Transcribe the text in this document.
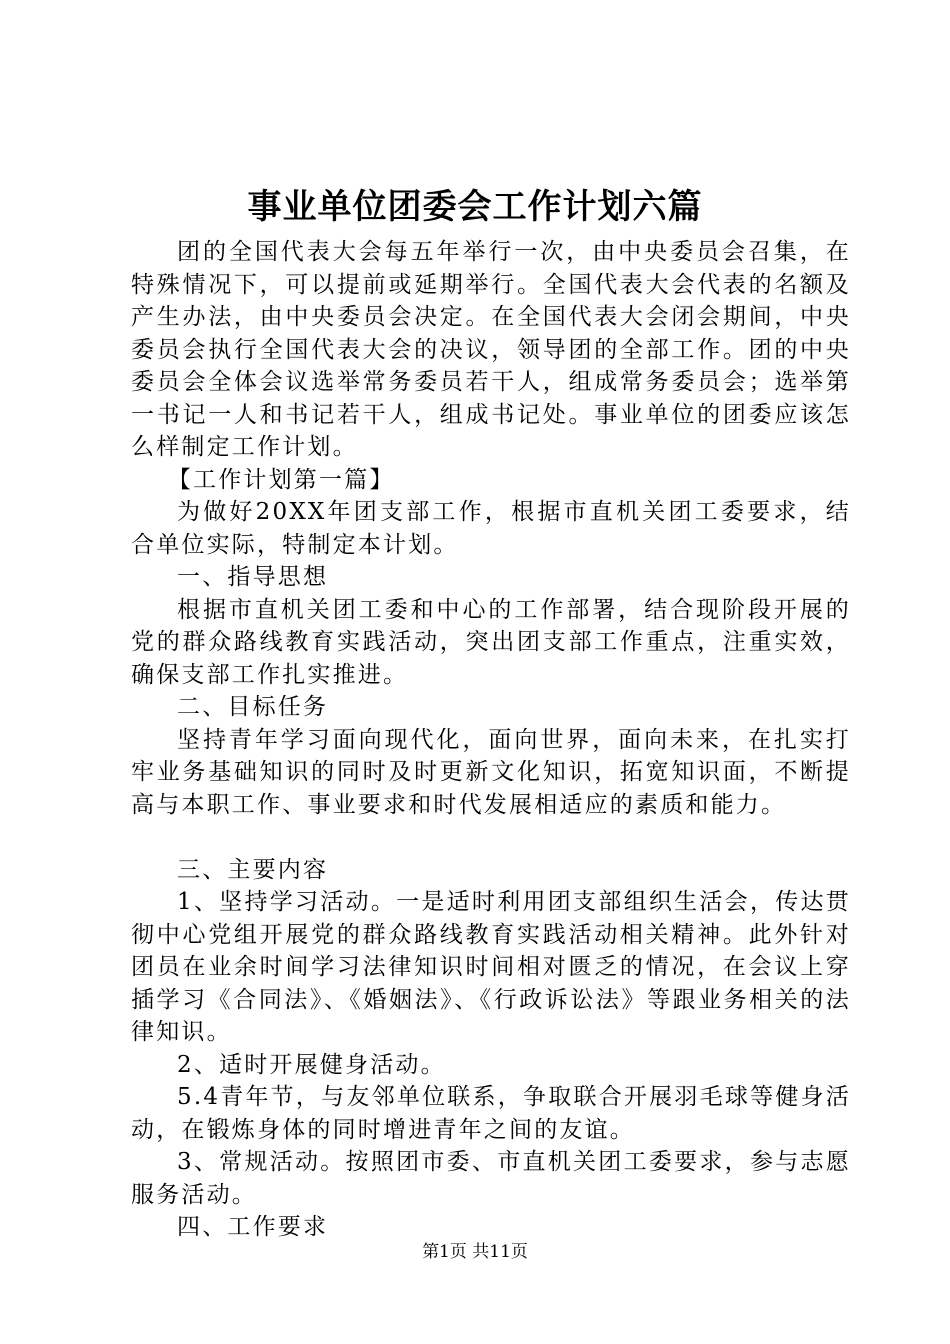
事业单位团委会工作计划六篇

团的全国代表大会每五年举行一次，由中央委员会召集，在特殊情况下，可以提前或延期举行。全国代表大会代表的名额及产生办法，由中央委员会决定。在全国代表大会闭会期间，中央委员会执行全国代表大会的决议，领导团的全部工作。团的中央委员会全体会议选举常务委员若干人，组成常务委员会；选举第一书记一人和书记若干人，组成书记处。事业单位的团委应该怎么样制定工作计划。

【工作计划第一篇】

为做好20XX年团支部工作，根据市直机关团工委要求，结合单位实际，特制定本计划。

一、指导思想

根据市直机关团工委和中心的工作部署，结合现阶段开展的党的群众路线教育实践活动，突出团支部工作重点，注重实效，确保支部工作扎实推进。

二、目标任务

坚持青年学习面向现代化，面向世界，面向未来，在扎实打牢业务基础知识的同时及时更新文化知识，拓宽知识面，不断提高与本职工作、事业要求和时代发展相适应的素质和能力。

三、主要内容

1、坚持学习活动。一是适时利用团支部组织生活会，传达贯彻中心党组开展党的群众路线教育实践活动相关精神。此外针对团员在业余时间学习法律知识时间相对匮乏的情况，在会议上穿插学习《合同法》、《婚姻法》、《行政诉讼法》等跟业务相关的法律知识。

2、适时开展健身活动。

5.4青年节，与友邻单位联系，争取联合开展羽毛球等健身活动，在锻炼身体的同时增进青年之间的友谊。

3、常规活动。按照团市委、市直机关团工委要求，参与志愿服务活动。

四、工作要求

第1页 共11页
